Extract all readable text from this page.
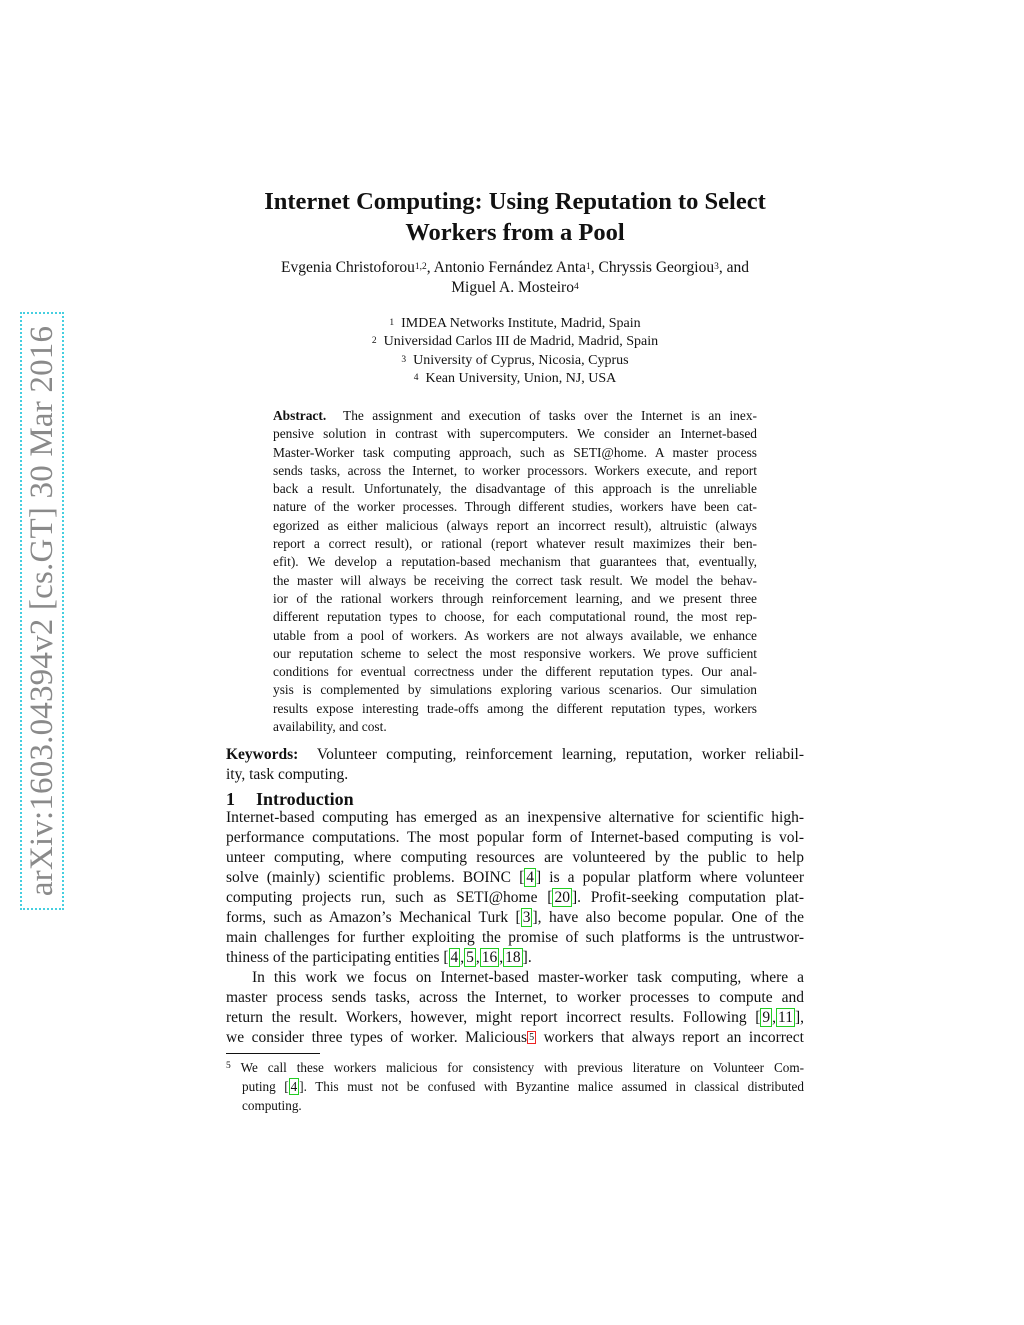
arXiv:1603.04394v2 [cs.GT] 30 Mar 2016
Internet Computing: Using Reputation to Select
Workers from a Pool
Evgenia Christoforou$^{1,2}$, Antonio Fernández Anta$^1$, Chryssis Georgiou$^3$, and
Miguel A. Mosteiro$^4$
$^1$ IMDEA Networks Institute, Madrid, Spain
$^2$ Universidad Carlos III de Madrid, Madrid, Spain
$^3$ University of Cyprus, Nicosia, Cyprus
$^4$ Kean University, Union, NJ, USA
Abstract. The assignment and execution of tasks over the Internet is an inex-
pensive solution in contrast with supercomputers. We consider an Internet-based
Master-Worker task computing approach, such as SETI@home. A master process
sends tasks, across the Internet, to worker processors. Workers execute, and report
back a result. Unfortunately, the disadvantage of this approach is the unreliable
nature of the worker processes. Through different studies, workers have been cat-
egorized as either malicious (always report an incorrect result), altruistic (always
report a correct result), or rational (report whatever result maximizes their ben-
efit). We develop a reputation-based mechanism that guarantees that, eventually,
the master will always be receiving the correct task result. We model the behav-
ior of the rational workers through reinforcement learning, and we present three
different reputation types to choose, for each computational round, the most rep-
utable from a pool of workers. As workers are not always available, we enhance
our reputation scheme to select the most responsive workers. We prove sufficient
conditions for eventual correctness under the different reputation types. Our anal-
ysis is complemented by simulations exploring various scenarios. Our simulation
results expose interesting trade-offs among the different reputation types, workers
availability, and cost.
Keywords: Volunteer computing, reinforcement learning, reputation, worker reliabil-
ity, task computing.
1 Introduction
Internet-based computing has emerged as an inexpensive alternative for scientific high-
performance computations. The most popular form of Internet-based computing is vol-
unteer computing, where computing resources are volunteered by the public to help
solve (mainly) scientific problems. BOINC [ 4 ] is a popular platform where volunteer
computing projects run, such as SETI@home [ 20 ]. Profit-seeking computation plat-
forms, such as Amazon’s Mechanical Turk [ 3 ], have also become popular. One of the
main challenges for further exploiting the promise of such platforms is the untrustwor-
thiness of the participating entities [ 4 , 5 , 16 , 18 ].
In this work we focus on Internet-based master-worker task computing, where a
master process sends tasks, across the Internet, to worker processes to compute and
return the result. Workers, however, might report incorrect results. Following [ 9 , 11 ],
we consider three types of worker. Malicious $^5$ workers that always report an incorrect
$^5$ We call these workers malicious for consistency with previous literature on Volunteer Com-
puting [ 4 ]. This must not be confused with Byzantine malice assumed in classical distributed
computing.
